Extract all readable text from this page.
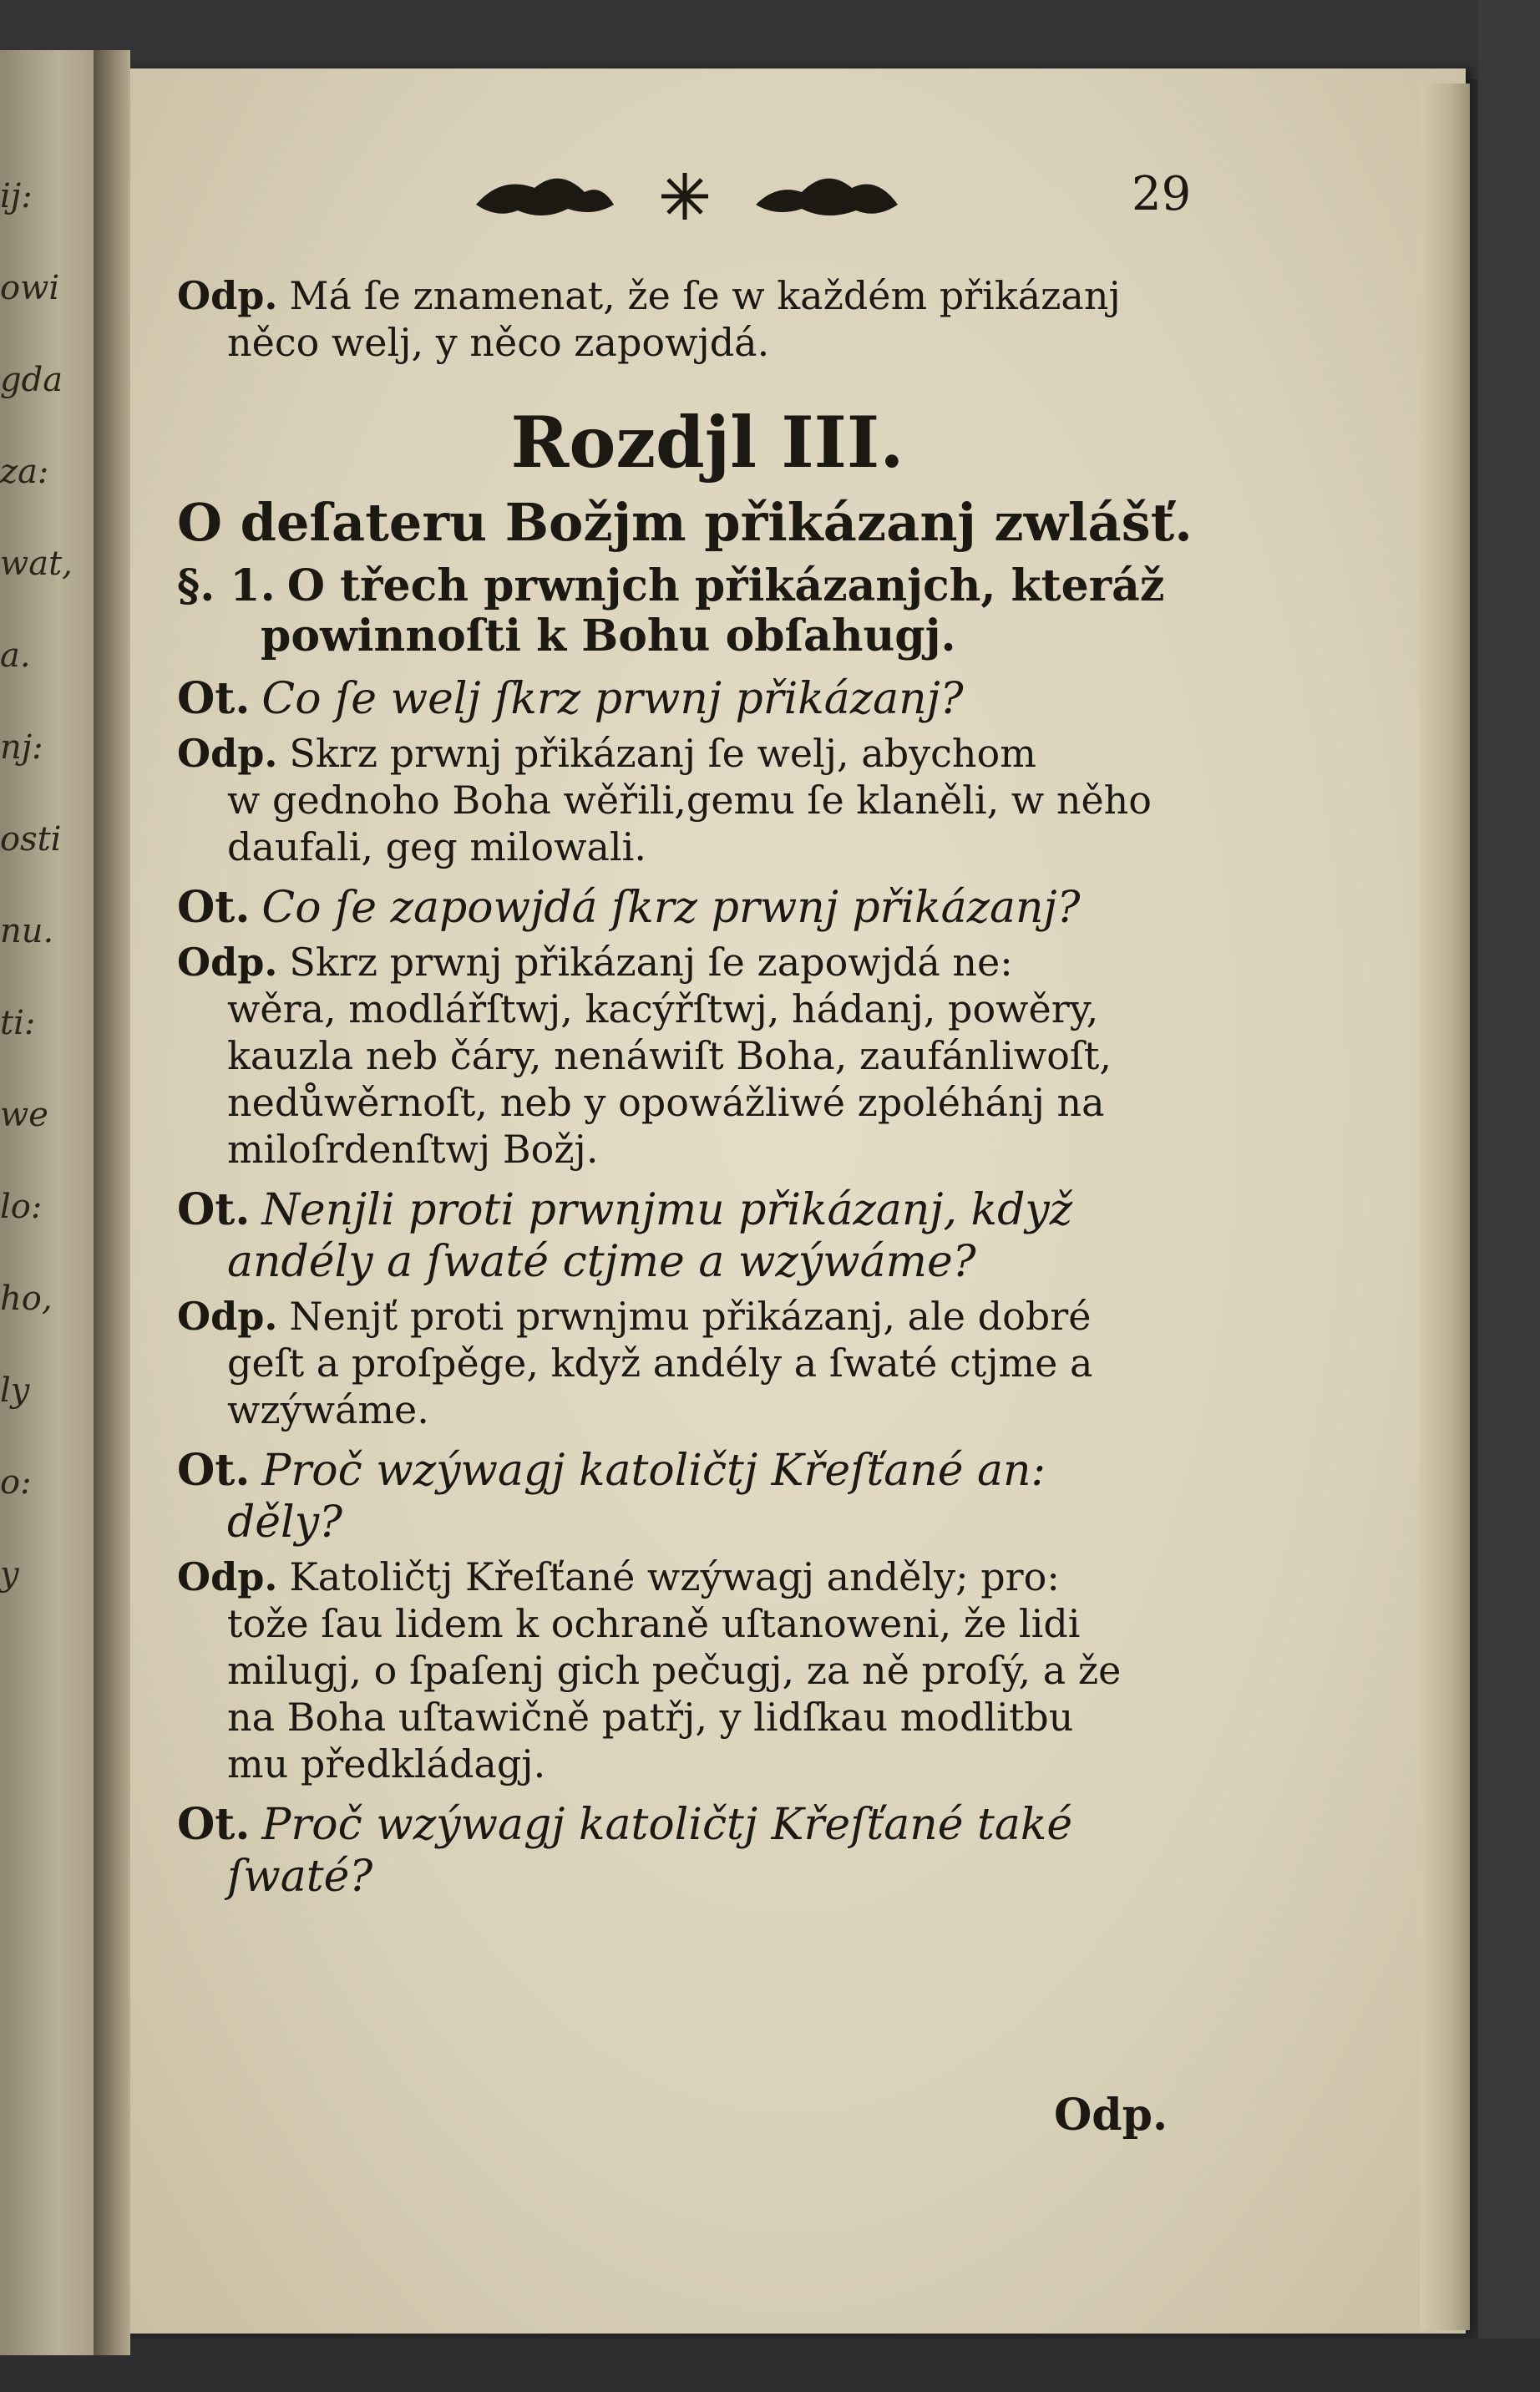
ij:
owi
gda
za:
wat,
a.
nj:
osti
nu.
ti:
we
lo:
ho,
ly
o:
y
29
Odp. Má ſe znamenat, že ſe w každém přikázanj
něco welj, y něco zapowjdá.
Rozdjl III.
O deſateru Božjm přikázanj zwlášť.
§. 1. O třech prwnjch přikázanjch, kteráž
powinnoſti k Bohu obſahugj.
Ot. Co ſe welj ſkrz prwnj přikázanj?
Odp. Skrz prwnj přikázanj ſe welj, abychom
w gednoho Boha wěřili,gemu ſe klaněli, w něho
daufali, geg milowali.
Ot. Co ſe zapowjdá ſkrz prwnj přikázanj?
Odp. Skrz prwnj přikázanj ſe zapowjdá ne:
wěra, modlářſtwj, kacýřſtwj, hádanj, powěry,
kauzla neb čáry, nenáwiſt Boha, zaufánliwoſt,
nedůwěrnoſt, neb y opowážliwé zpoléhánj na
miloſrdenſtwj Božj.
Ot. Nenjli proti prwnjmu přikázanj, když
andély a ſwaté ctjme a wzýwáme?
Odp. Nenjť proti prwnjmu přikázanj, ale dobré
geſt a proſpěge, když andély a ſwaté ctjme a
wzýwáme.
Ot. Proč wzýwagj katoličtj Křeſťané an:
děly?
Odp. Katoličtj Křeſťané wzýwagj anděly; pro:
tože ſau lidem k ochraně uſtanoweni, že lidi
milugj, o ſpaſenj gich pečugj, za ně proſý, a že
na Boha uſtawičně patřj, y lidſkau modlitbu
mu předkládagj.
Ot. Proč wzýwagj katoličtj Křeſťané také
ſwaté?
Odp.
